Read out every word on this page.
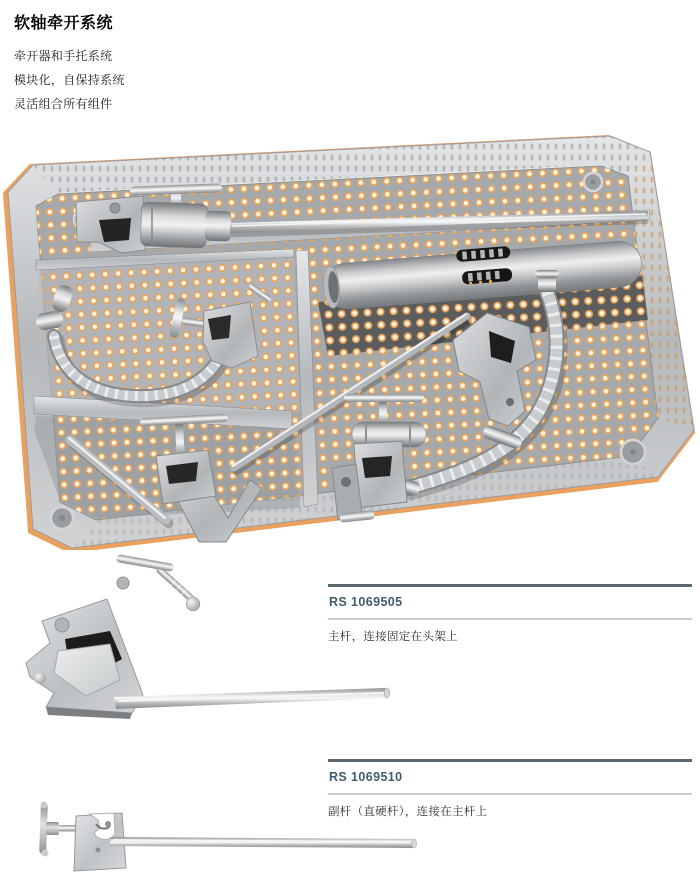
软轴牵开系统
牵开器和手托系统
模块化，自保持系统
灵活组合所有组件
RS 1069505
主杆，连接固定在头架上
RS 1069510
副杆（直硬杆），连接在主杆上
